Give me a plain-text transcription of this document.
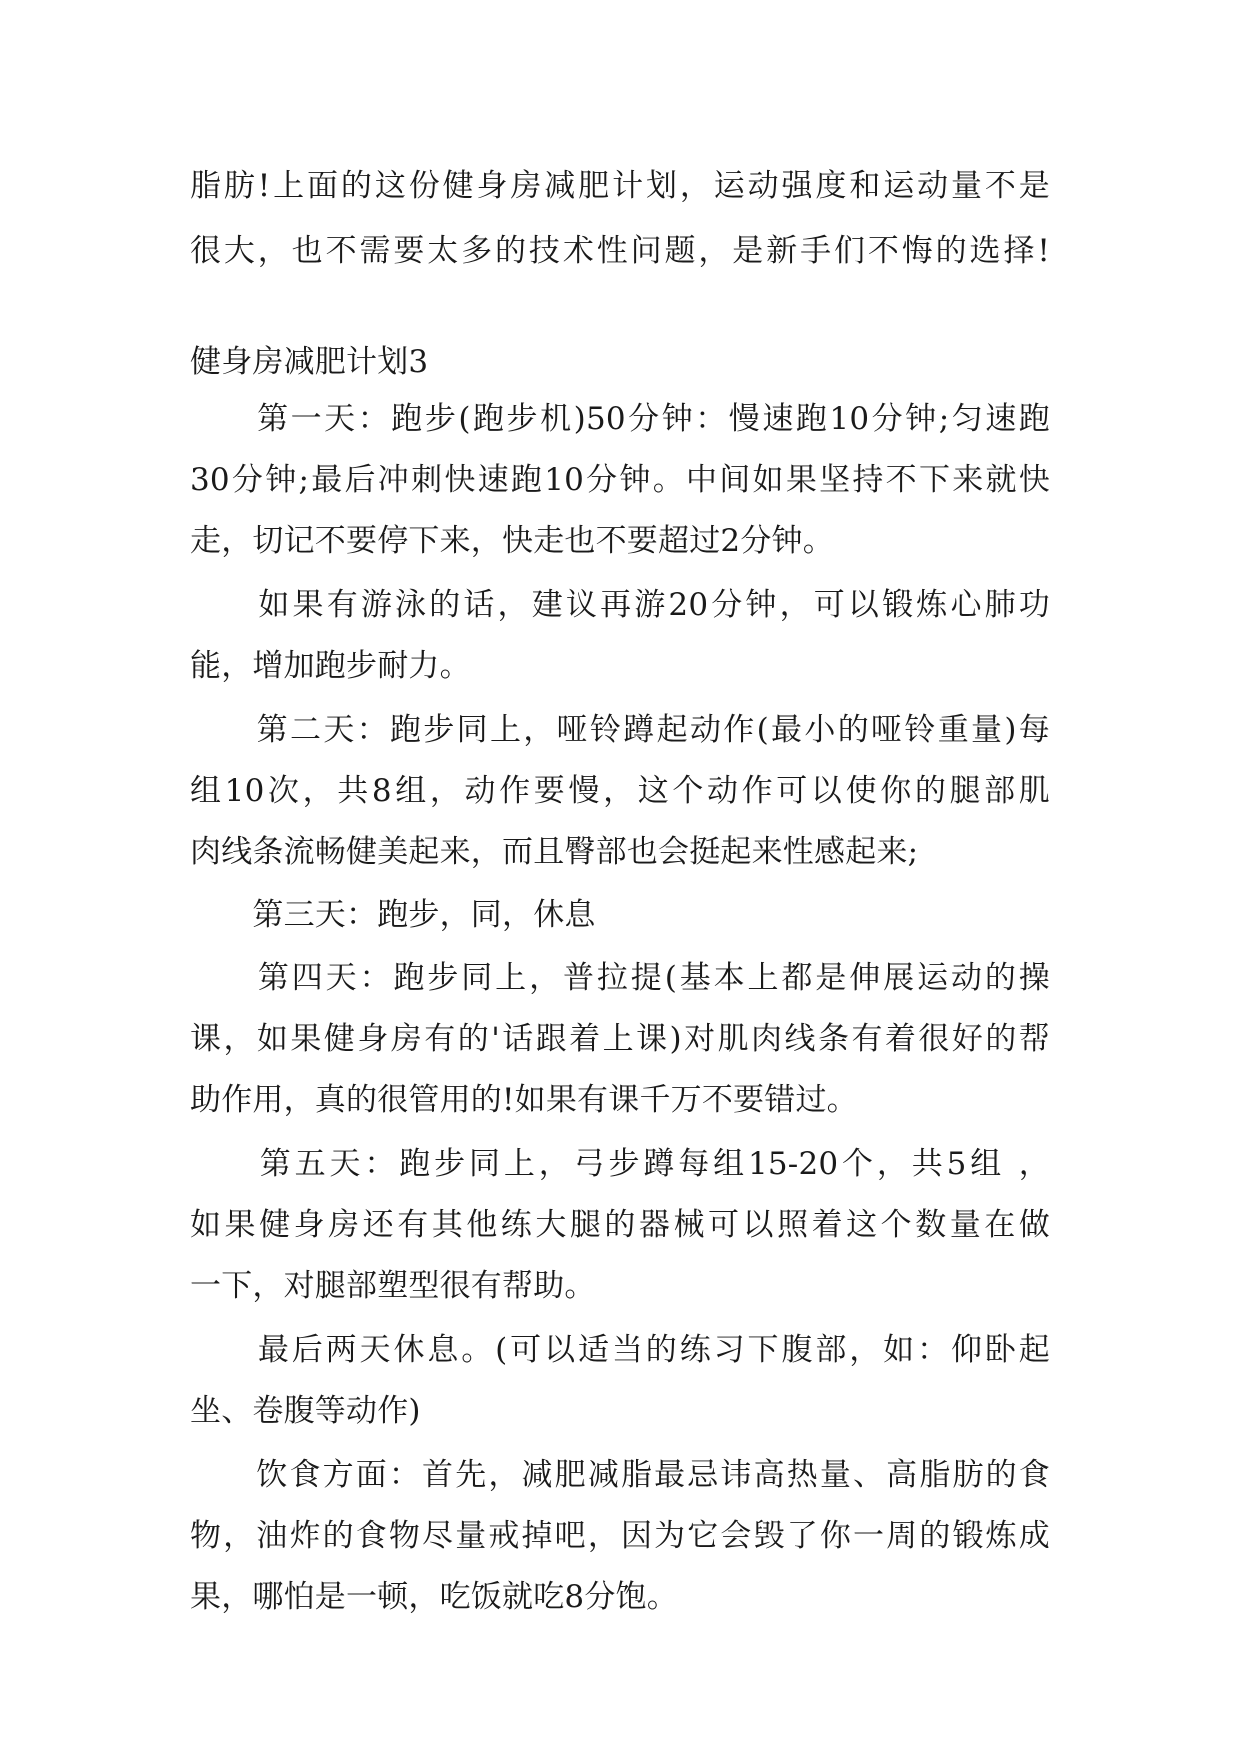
脂肪!上面的这份健身房减肥计划，运动强度和运动量不是
很大，也不需要太多的技术性问题，是新手们不悔的选择!
健身房减肥计划3
　　第一天：跑步(跑步机)50分钟：慢速跑10分钟;匀速跑
30分钟;最后冲刺快速跑10分钟。中间如果坚持不下来就快
走，切记不要停下来，快走也不要超过2分钟。
　　如果有游泳的话，建议再游20分钟，可以锻炼心肺功
能，增加跑步耐力。
　　第二天：跑步同上，哑铃蹲起动作(最小的哑铃重量)每
组10次，共8组，动作要慢，这个动作可以使你的腿部肌
肉线条流畅健美起来，而且臀部也会挺起来性感起来;
　　第三天：跑步，同，休息
　　第四天：跑步同上，普拉提(基本上都是伸展运动的操
课，如果健身房有的'话跟着上课)对肌肉线条有着很好的帮
助作用，真的很管用的!如果有课千万不要错过。
　　第五天：跑步同上，弓步蹲每组15-20个，共5组 ，
如果健身房还有其他练大腿的器械可以照着这个数量在做
一下，对腿部塑型很有帮助。
　　最后两天休息。(可以适当的练习下腹部，如：仰卧起
坐、卷腹等动作)
　　饮食方面：首先，减肥减脂最忌讳高热量、高脂肪的食
物，油炸的食物尽量戒掉吧，因为它会毁了你一周的锻炼成
果，哪怕是一顿，吃饭就吃8分饱。
